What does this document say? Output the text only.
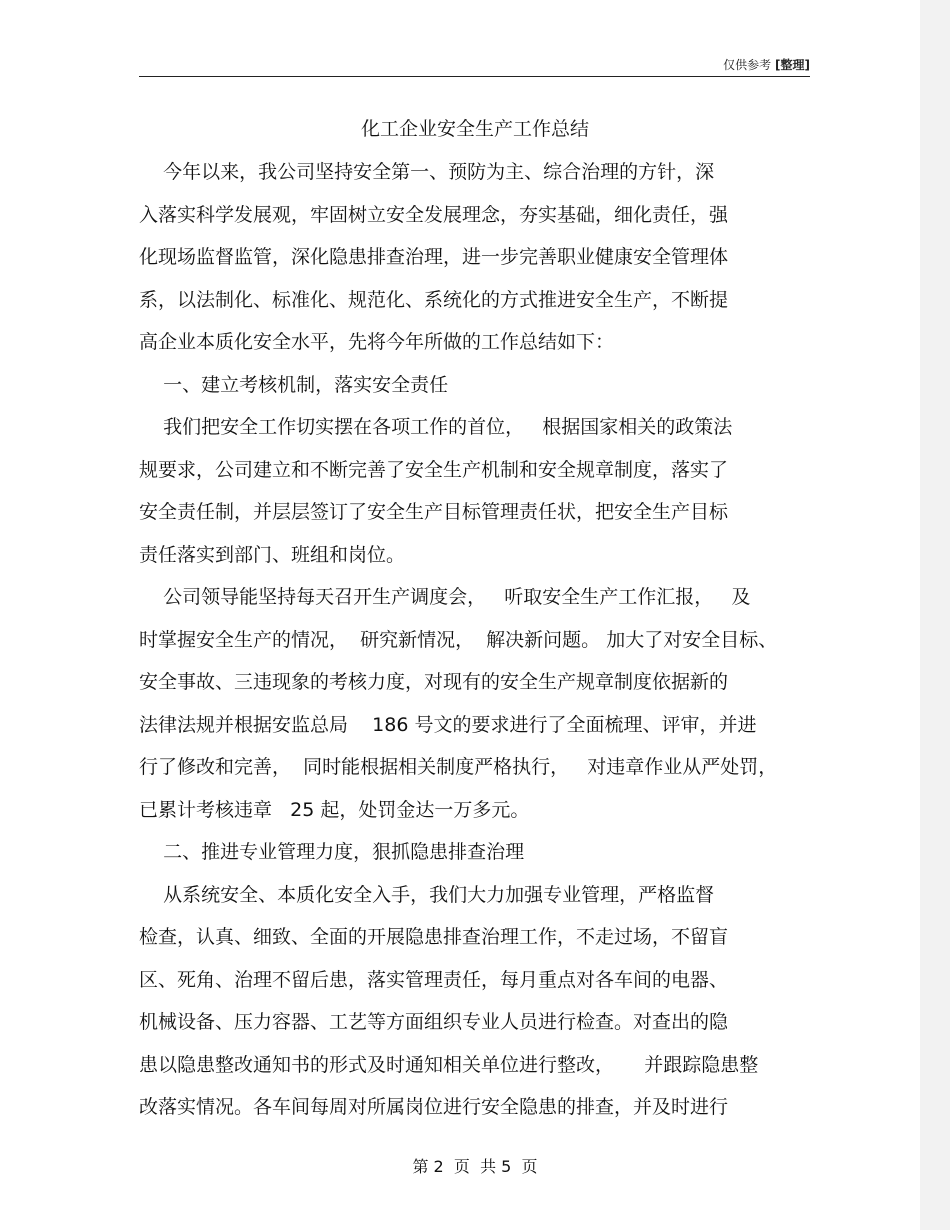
仅供参考 [整理]
化工企业安全生产工作总结
今年以来，我公司坚持安全第一、预防为主、综合治理的方针，深
入落实科学发展观，牢固树立安全发展理念，夯实基础，细化责任，强
化现场监督监管，深化隐患排查治理，进一步完善职业健康安全管理体
系，以法制化、标准化、规范化、系统化的方式推进安全生产，不断提
高企业本质化安全水平，先将今年所做的工作总结如下：
一、建立考核机制，落实安全责任
我们把安全工作切实摆在各项工作的首位，   根据国家相关的政策法
规要求，公司建立和不断完善了安全生产机制和安全规章制度，落实了
安全责任制，并层层签订了安全生产目标管理责任状，把安全生产目标
责任落实到部门、班组和岗位。
公司领导能坚持每天召开生产调度会，   听取安全生产工作汇报，   及
时掌握安全生产的情况，  研究新情况，  解决新问题。 加大了对安全目标、
安全事故、三违现象的考核力度，对现有的安全生产规章制度依据新的
法律法规并根据安监总局    186 号文的要求进行了全面梳理、评审，并进
行了修改和完善，  同时能根据相关制度严格执行，   对违章作业从严处罚，
已累计考核违章   25 起，处罚金达一万多元。
二、推进专业管理力度，狠抓隐患排查治理
从系统安全、本质化安全入手，我们大力加强专业管理，严格监督
检查，认真、细致、全面的开展隐患排查治理工作，不走过场，不留盲
区、死角、治理不留后患，落实管理责任，每月重点对各车间的电器、
机械设备、压力容器、工艺等方面组织专业人员进行检查。对查出的隐
患以隐患整改通知书的形式及时通知相关单位进行整改，     并跟踪隐患整
改落实情况。各车间每周对所属岗位进行安全隐患的排查，并及时进行
第 2  页  共 5  页
